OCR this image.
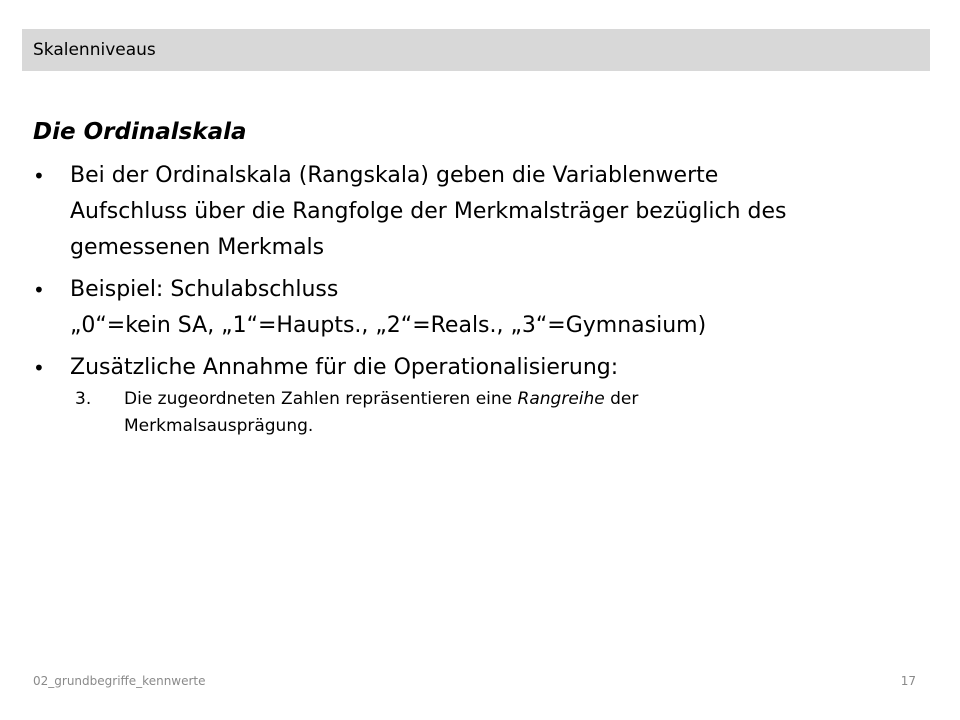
Skalenniveaus
Die Ordinalskala
• Bei der Ordinalskala (Rangskala) geben die Variablenwerte
Aufschluss über die Rangfolge der Merkmalsträger bezüglich des
gemessenen Merkmals
• Beispiel: Schulabschluss
„0“=kein SA, „1“=Haupts., „2“=Reals., „3“=Gymnasium)
• Zusätzliche Annahme für die Operationalisierung:
3. Die zugeordneten Zahlen repräsentieren eine Rangreihe der
Merkmalsausprägung.
02_grundbegriffe_kennwerte	17
